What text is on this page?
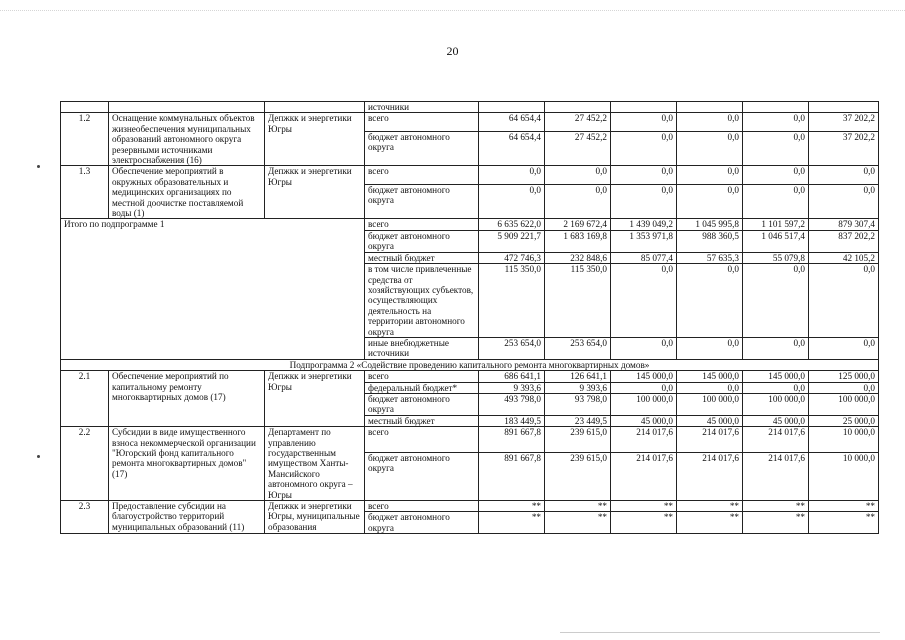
20
			источники						
1.2	Оснащение коммунальных объектов жизнеобеспечения муниципальных образований автономного округа резервными источниками электроснабжения (16)	Депжкк и энергетики Югры	всего	64 654,4	27 452,2	0,0	0,0	0,0	37 202,2
			бюджет автономного округа	64 654,4	27 452,2	0,0	0,0	0,0	37 202,2
1.3	Обеспечение мероприятий в окружных образовательных и медицинских организациях по местной доочистке поставляемой воды (1)	Депжкк и энергетики Югры	всего	0,0	0,0	0,0	0,0	0,0	0,0
			бюджет автономного округа	0,0	0,0	0,0	0,0	0,0	0,0
Итого по подпрограмме 1			всего	6 635 622,0	2 169 672,4	1 439 049,2	1 045 995,8	1 101 597,2	879 307,4
			бюджет автономного округа	5 909 221,7	1 683 169,8	1 353 971,8	988 360,5	1 046 517,4	837 202,2
			местный бюджет	472 746,3	232 848,6	85 077,4	57 635,3	55 079,8	42 105,2
			в том числе привлеченные средства от хозяйствующих субъектов, осуществляющих деятельность на территории автономного округа	115 350,0	115 350,0	0,0	0,0	0,0	0,0
			иные внебюджетные источники	253 654,0	253 654,0	0,0	0,0	0,0	0,0
Подпрограмма 2 «Содействие проведению капитального ремонта многоквартирных домов»									
2.1	Обеспечение мероприятий по капитальному ремонту многоквартирных домов (17)	Депжкк и энергетики Югры	всего	686 641,1	126 641,1	145 000,0	145 000,0	145 000,0	125 000,0
			федеральный бюджет*	9 393,6	9 393,6	0,0	0,0	0,0	0,0
			бюджет автономного округа	493 798,0	93 798,0	100 000,0	100 000,0	100 000,0	100 000,0
			местный бюджет	183 449,5	23 449,5	45 000,0	45 000,0	45 000,0	25 000,0
2.2	Субсидии в виде имущественного взноса некоммерческой организации "Югорский фонд капитального ремонта многоквартирных домов" (17)	Департамент по управлению государственным имуществом Ханты-Мансийского автономного округа – Югры	всего	891 667,8	239 615,0	214 017,6	214 017,6	214 017,6	10 000,0
			бюджет автономного округа	891 667,8	239 615,0	214 017,6	214 017,6	214 017,6	10 000,0
2.3	Предоставление субсидии на благоустройство территорий муниципальных образований (11)	Депжкк и энергетики Югры, муниципальные образования	всего	**	**	**	**	**	**
			бюджет автономного округа	**	**	**	**	**	**
